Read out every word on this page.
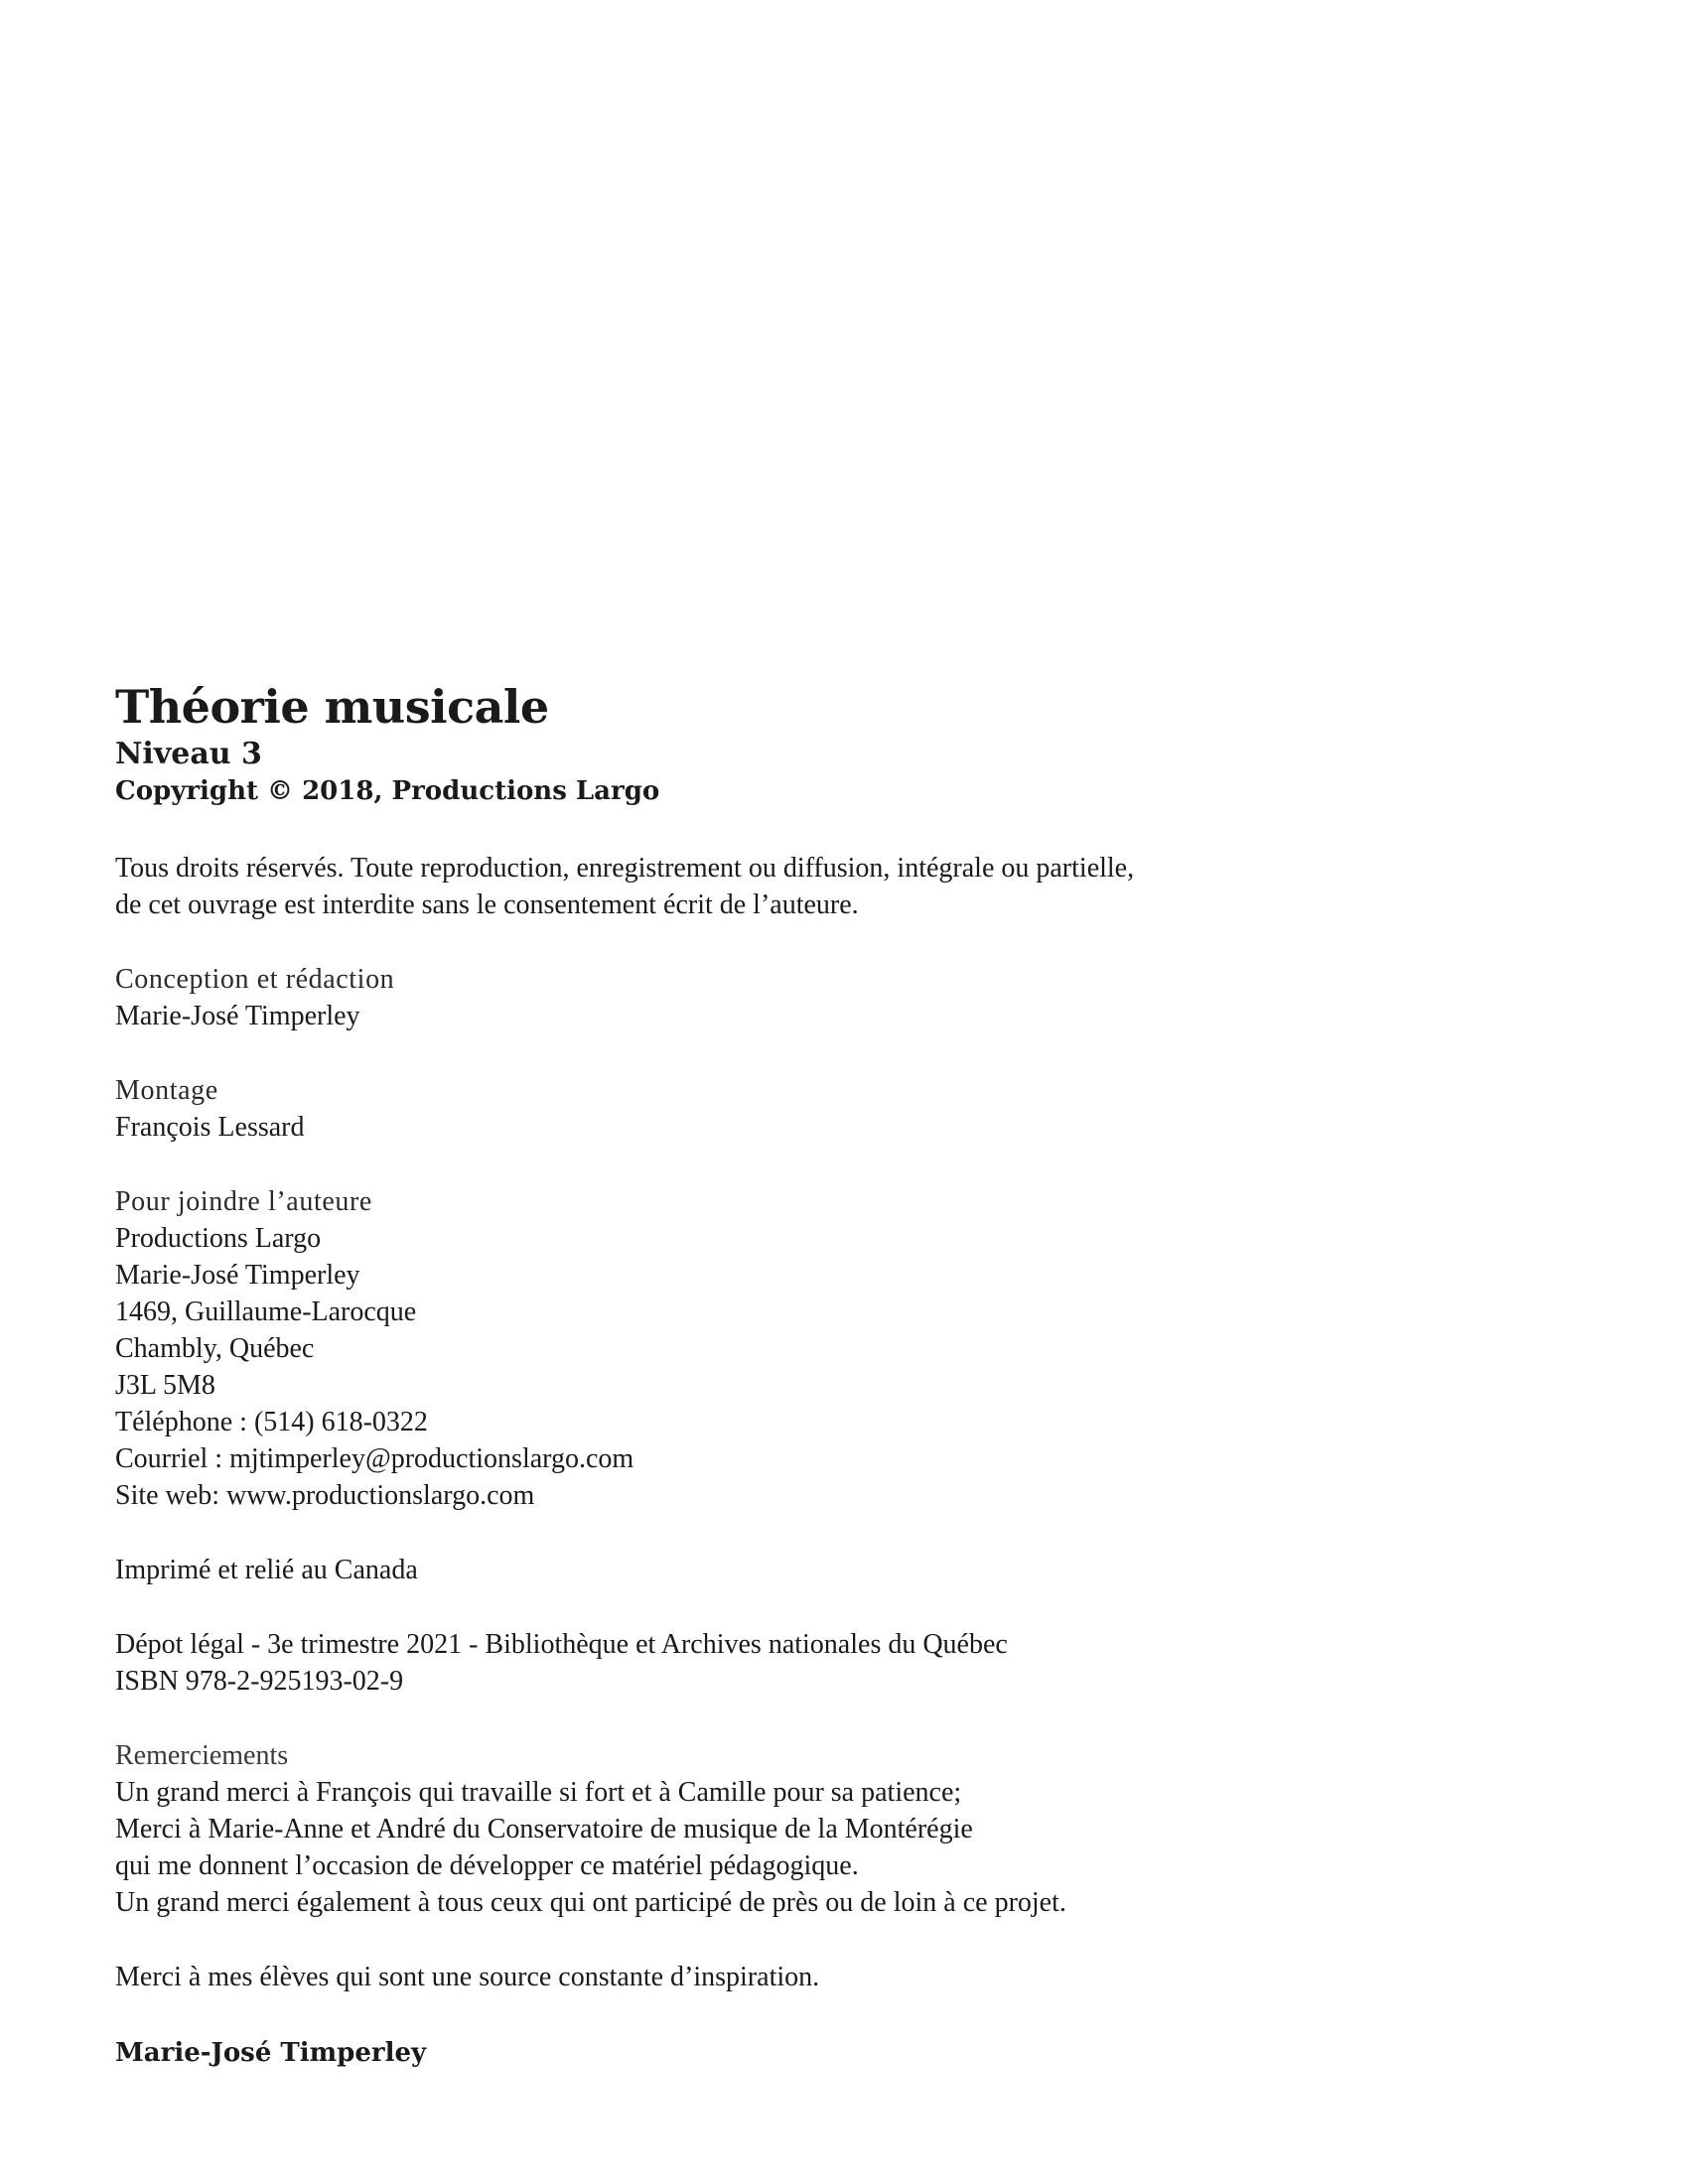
Théorie musicale
Niveau 3
Copyright © 2018, Productions Largo
Tous droits réservés. Toute reproduction, enregistrement ou diffusion, intégrale ou partielle,
de cet ouvrage est interdite sans le consentement écrit de l’auteure.
Conception et rédaction
Marie-José Timperley
Montage
François Lessard
Pour joindre l’auteure
Productions Largo
Marie-José Timperley
1469, Guillaume-Larocque
Chambly, Québec
J3L 5M8
Téléphone : (514) 618-0322
Courriel : mjtimperley@productionslargo.com
Site web: www.productionslargo.com
Imprimé et relié au Canada
Dépot légal - 3e trimestre 2021 - Bibliothèque et Archives nationales du Québec
ISBN 978-2-925193-02-9
Remerciements
Un grand merci à François qui travaille si fort et à Camille pour sa patience;
Merci à Marie-Anne et André du Conservatoire de musique de la Montérégie
qui me donnent l’occasion de développer ce matériel pédagogique.
Un grand merci également à tous ceux qui ont participé de près ou de loin à ce projet.
Merci à mes élèves qui sont une source constante d’inspiration.
Marie-José Timperley
